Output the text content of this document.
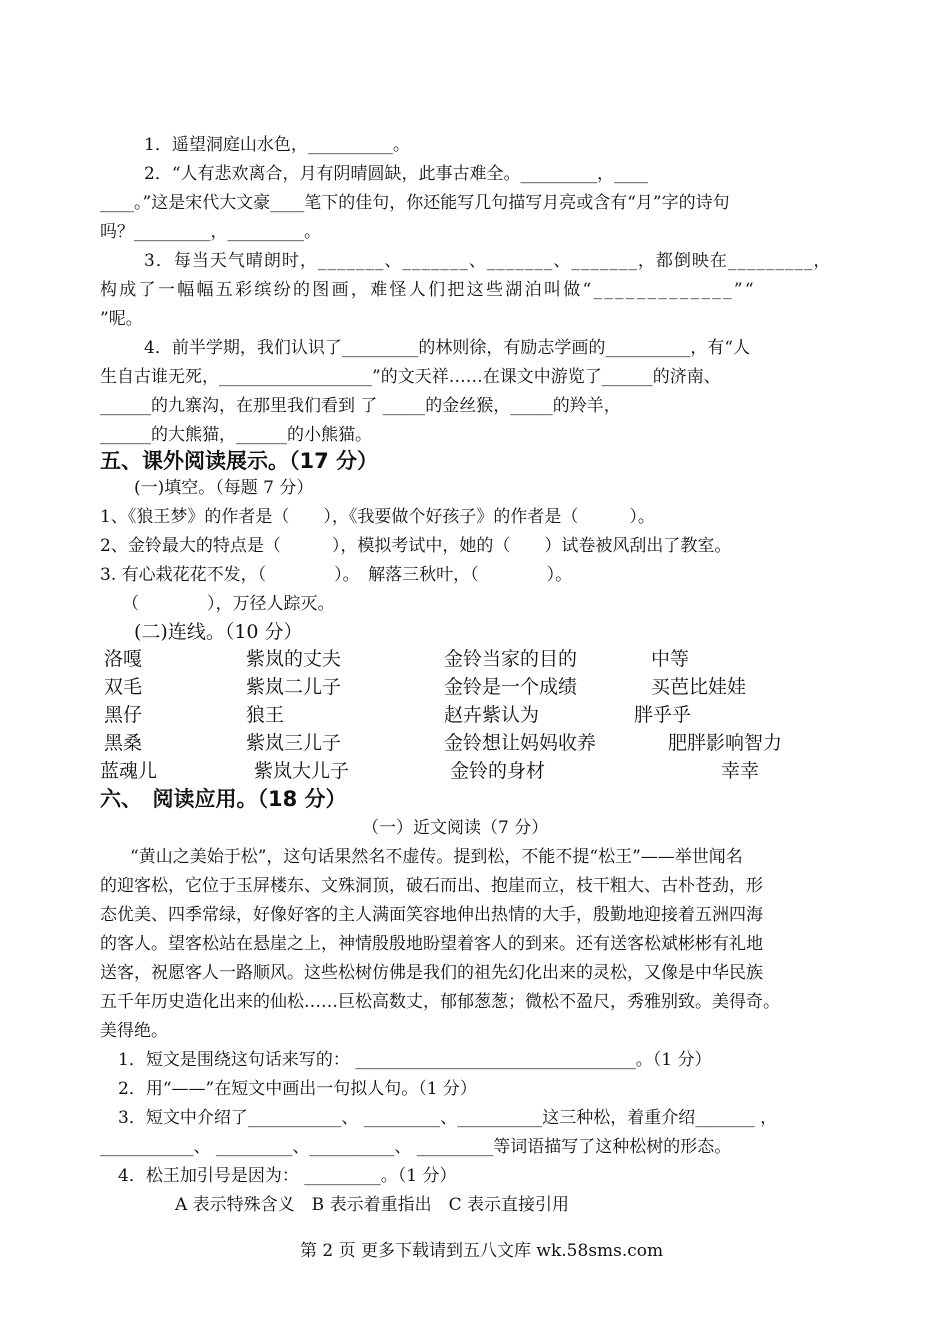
1．遥望洞庭山水色，__________。
2．“人有悲欢离合，月有阴晴圆缺，此事古难全。_________，____
____。”这是宋代大文豪____笔下的佳句，你还能写几句描写月亮或含有“月”字的诗句
吗？_________，_________。
3．每当天气晴朗时，_______、_______、_______、_______，都倒映在_________，
构成了一幅幅五彩缤纷的图画，难怪人们把这些湖泊叫做“_____________”“
”呢。
4．前半学期，我们认识了_________的林则徐，有励志学画的__________，有“人
生自古谁无死，__________________”的文天祥……在课文中游览了______的济南、
______的九寨沟，在那里我们看到 了 _____的金丝猴，_____的羚羊，
______的大熊猫，______的小熊猫。
五、课外阅读展示。（17 分）
(一)填空。（每题 7 分）
1、《狼王梦》的作者是（　　），《我要做个好孩子》的作者是（　　　）。
2、金铃最大的特点是（　　　），模拟考试中，她的（　　）试卷被风刮出了教室。
3. 有心栽花花不发，（　　　　）。　解落三秋叶，（　　　　）。
（　　　　），万径人踪灭。
(二)连线。（10 分）
洛嘎	紫岚的丈夫	金铃当家的目的	中等
双毛	紫岚二儿子	金铃是一个成绩	买芭比娃娃
黑仔	狼王	赵卉紫认为	胖乎乎
黑桑	紫岚三儿子	金铃想让妈妈收养	肥胖影响智力
蓝魂儿	紫岚大儿子	金铃的身材	幸幸
六、　阅读应用。（18 分）
（一）近文阅读（7 分）
“黄山之美始于松”，这句话果然名不虚传。提到松，不能不提“松王”——举世闻名
的迎客松，它位于玉屏楼东、文殊洞顶，破石而出、抱崖而立，枝干粗大、古朴苍劲，形
态优美、四季常绿，好像好客的主人满面笑容地伸出热情的大手，殷勤地迎接着五洲四海
的客人。望客松站在悬崖之上，神情殷殷地盼望着客人的到来。还有送客松斌彬彬有礼地
送客，祝愿客人一路顺风。这些松树仿佛是我们的祖先幻化出来的灵松，又像是中华民族
五千年历史造化出来的仙松……巨松高数丈，郁郁葱葱；微松不盈尺，秀雅别致。美得奇。
美得绝。
1．短文是围绕这句话来写的： _________________________________。（1 分）
2．用“——”在短文中画出一句拟人句。（1 分）
3．短文中介绍了___________、 _________、__________这三种松，着重介绍_______ ，
___________、 _________、__________、 _________等词语描写了这种松树的形态。
4．松王加引号是因为： _________。（1 分）
A 表示特殊含义　B 表示着重指出　C 表示直接引用
第 2 页 更多下载请到五八文库 wk.58sms.com
